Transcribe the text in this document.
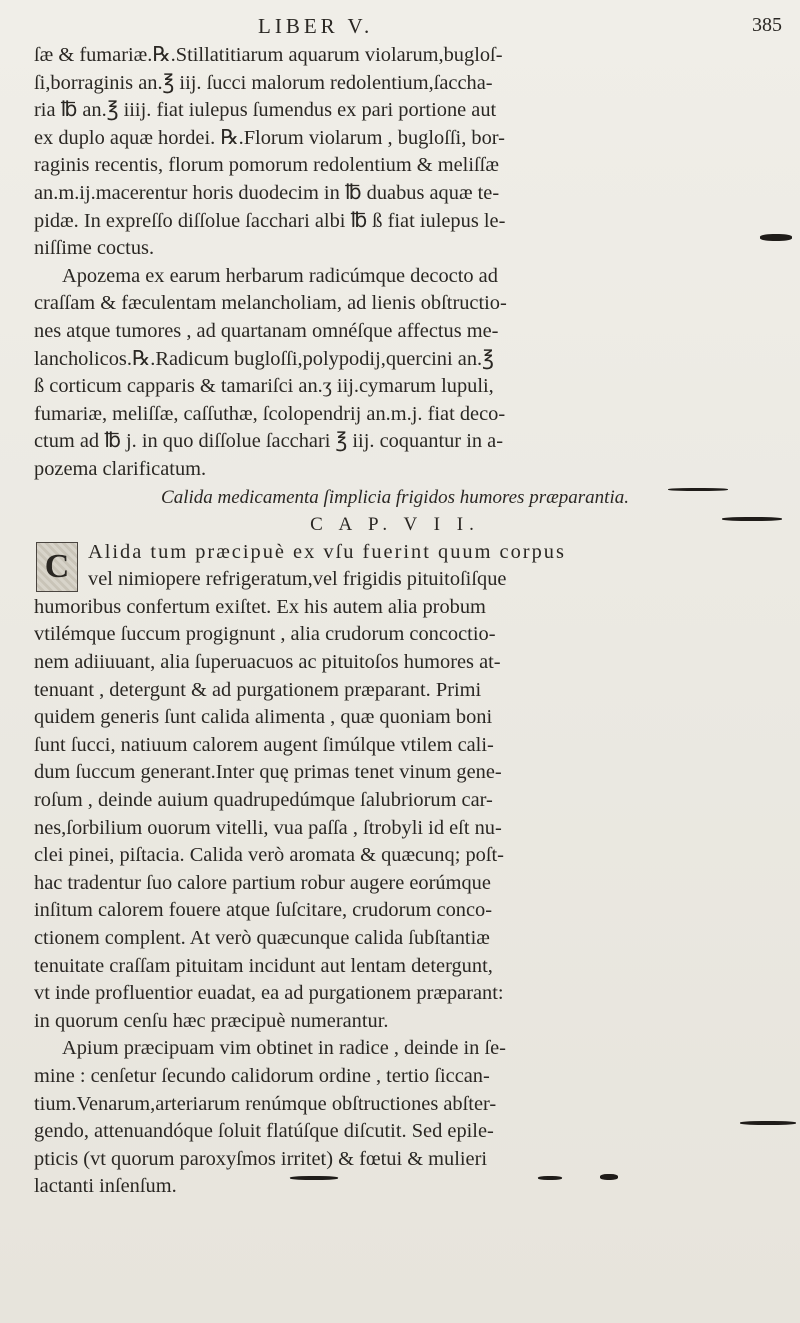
LIBER V.	385
ſæ & fumariæ.℞.Stillatitiarum aquarum violarum,bugloſ-
ſi,borraginis an.℥ iij. ſucci malorum redolentium,ſaccha-
ria ℔ an.℥ iiij. fiat iulepus ſumendus ex pari portione aut
ex duplo aquæ hordei. ℞.Florum violarum , bugloſſi, bor-
raginis recentis, florum pomorum redolentium & meliſſæ
an.m.ij.macerentur horis duodecim in ℔ duabus aquæ te-
pidæ. In expreſſo diſſolue ſacchari albi ℔ ß fiat iulepus le-
niſſime coctus.
Apozema ex earum herbarum radicúmque decocto ad
craſſam & fæculentam melancholiam, ad lienis obſtructio-
nes atque tumores , ad quartanam omnéſque affectus me-
lancholicos.℞.Radicum bugloſſi,polypodij,quercini an.℥
ß corticum capparis & tamariſci an.ʒ iij.cymarum lupuli,
fumariæ, meliſſæ, caſſuthæ, ſcolopendrij an.m.j. fiat deco-
ctum ad ℔ j. in quo diſſolue ſacchari ℥ iij. coquantur in a-
pozema clarificatum.
Calida medicamenta ſimplicia frigidos humores præparantia.
C A P. V I I.
C Alida tum præcipuè ex vſu fuerint quum corpus
vel nimiopere refrigeratum,vel frigidis pituitoſiſque
humoribus confertum exiſtet. Ex his autem alia probum
vtilémque ſuccum progignunt , alia crudorum concoctio-
nem adiiuuant, alia ſuperuacuos ac pituitoſos humores at-
tenuant , detergunt & ad purgationem præparant. Primi
quidem generis ſunt calida alimenta , quæ quoniam boni
ſunt ſucci, natiuum calorem augent ſimúlque vtilem cali-
dum ſuccum generant.Inter quę primas tenet vinum gene-
roſum , deinde auium quadrupedúmque ſalubriorum car-
nes,ſorbilium ouorum vitelli, vua paſſa , ſtrobyli id eſt nu-
clei pinei, piſtacia. Calida verò aromata & quæcunq; poſt-
hac tradentur ſuo calore partium robur augere eorúmque
inſitum calorem fouere atque ſuſcitare, crudorum conco-
ctionem complent. At verò quæcunque calida ſubſtantiæ
tenuitate craſſam pituitam incidunt aut lentam detergunt,
vt inde profluentior euadat, ea ad purgationem præparant:
in quorum cenſu hæc præcipuè numerantur.
Apium præcipuam vim obtinet in radice , deinde in ſe-
mine : cenſetur ſecundo calidorum ordine , tertio ſiccan-
tium.Venarum,arteriarum renúmque obſtructiones abſter-
gendo, attenuandóque ſoluit flatúſque diſcutit. Sed epile-
pticis (vt quorum paroxyſmos irritet) & fœtui & mulieri
lactanti inſenſum.
